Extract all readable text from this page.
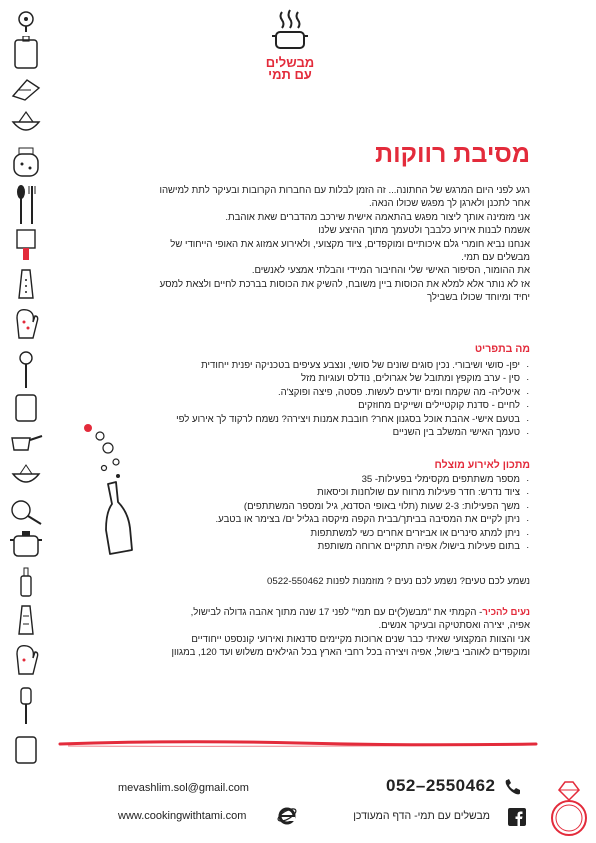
מבשלים
עם תמי
מסיבת רווקות

רגע לפני היום המרגש של החתונה... זה הזמן לבלות עם החברות הקרובות ובעיקר לתת למישהו

אחר לתכנן ולארגן לך מפגש שכולו הנאה.

אני מזמינה אותך ליצור מפגש בהתאמה אישית שירכב מהדברים שאת אוהבת.

אשמח לבנות אירוע כלבבך ולטעמך מתוך ההיצע שלנו

אנחנו נביא חומרי גלם איכותיים ומוקפדים, ציוד מקצועי, ולאירוע אמזוג את האופי הייחודי של

מבשלים עם תמי.

את ההומור, הסיפור האישי שלי והחיבור המיידי והבלתי אמצעי לאנשים.

אז לא נותר אלא למלא את הכוסות ביין משובח, להשיק את הכוסות בברכת לחיים ולצאת למסע

יחיד ומיוחד שכולו בשבילך

מה בתפריט
. יפן- סושי ושיבורי. נכין סוגים שונים של סושי, ונצבע צעיפים בטכניקה יפנית ייחודית
. סין - ערב מוקפץ ומתובל של אגרולים, נודלס ועוגיות מזל
. איטליה- מה שקמח ומים יודעים לעשות. פסטה, פיצה ופוקצ'ה.
. לחיים - סדנת קוקטיילים ושייקים מחוזקים
. בטעם אישי- אהבת אוכל בסגנון אחר? חובבת אמנות ויצירה? נשמח לרקוד לך אירוע לפי
. טעמך האישי המשלב בין השניים
מתכון לאירוע מוצלח
. מספר משתתפים מקסימלי בפעילות- 35
. ציוד נדרש: חדר פעילות מרווח עם שולחנות וכיסאות
. משך הפעילות: 2-3 שעות (תלוי באופי הסדנא, גיל ומספר המשתתפים)
. ניתן לקיים את המסיבה בביתך/בבית הקפה מיקסה בגליל ים/ בצימר או בטבע.
. ניתן למתג סינרים או אביזרים אחרים כשי למשתתפות
. בתום פעילות בישול/ אפיה תתקיים ארוחה משותפת

נשמע לכם טעים? נשמע לכם נעים ? מוזמנות לפנות 0522-550462

נעים להכיר- הקמתי את "מבש(ל)ים עם תמי" לפני 17 שנה מתוך אהבה גדולה לבישול,

אפיה, יצירה ואסתטיקה ובעיקר אנשים.

אני והצוות המקצועי שאיתי כבר שנים ארוכות מקיימים סדנאות ואירועי קונספט ייחודיים

ומוקפדים לאוהבי בישול, אפיה ויצירה בכל רחבי הארץ בכל הגילאים משלוש ועד 120, במגוון

052–2550462
mevashlim.sol@gmail.com
www.cookingwithtami.com	מבשלים עם תמי- הדף המעודכן
